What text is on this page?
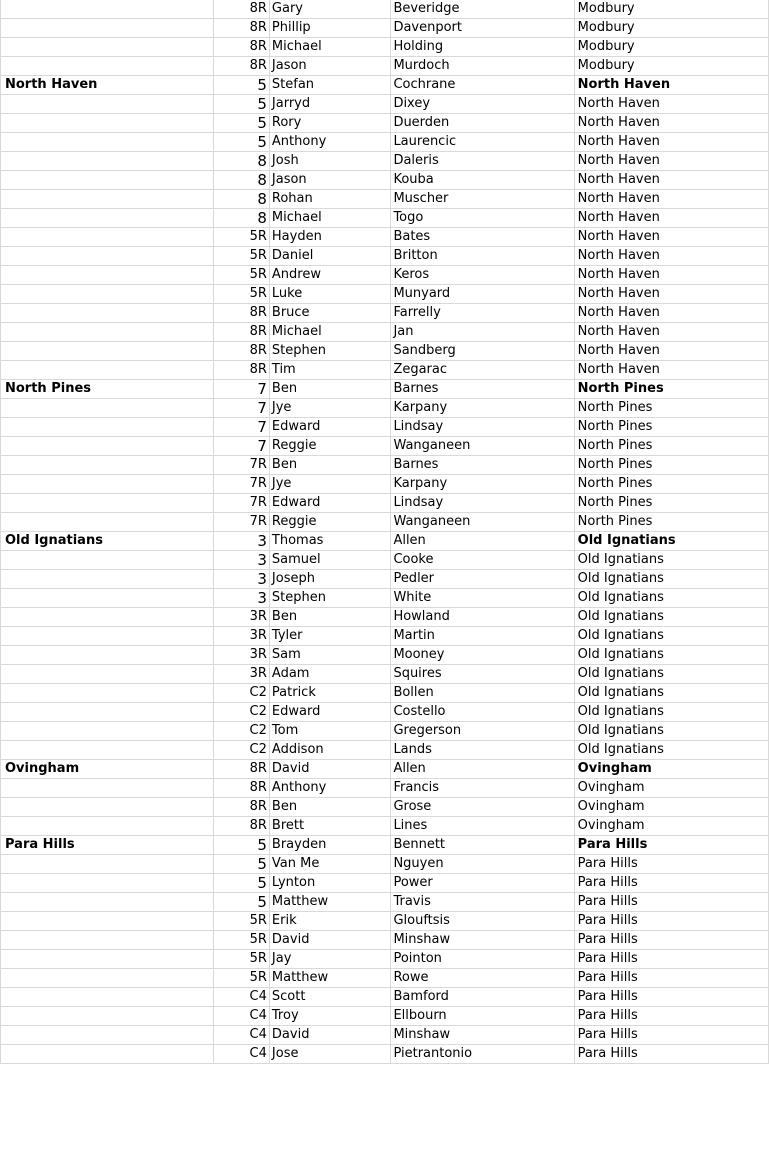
	8R	Gary	Beveridge	Modbury
	8R	Phillip	Davenport	Modbury
	8R	Michael	Holding	Modbury
	8R	Jason	Murdoch	Modbury
North Haven	5	Stefan	Cochrane	North Haven
	5	Jarryd	Dixey	North Haven
	5	Rory	Duerden	North Haven
	5	Anthony	Laurencic	North Haven
	8	Josh	Daleris	North Haven
	8	Jason	Kouba	North Haven
	8	Rohan	Muscher	North Haven
	8	Michael	Togo	North Haven
	5R	Hayden	Bates	North Haven
	5R	Daniel	Britton	North Haven
	5R	Andrew	Keros	North Haven
	5R	Luke	Munyard	North Haven
	8R	Bruce	Farrelly	North Haven
	8R	Michael	Jan	North Haven
	8R	Stephen	Sandberg	North Haven
	8R	Tim	Zegarac	North Haven
North Pines	7	Ben	Barnes	North Pines
	7	Jye	Karpany	North Pines
	7	Edward	Lindsay	North Pines
	7	Reggie	Wanganeen	North Pines
	7R	Ben	Barnes	North Pines
	7R	Jye	Karpany	North Pines
	7R	Edward	Lindsay	North Pines
	7R	Reggie	Wanganeen	North Pines
Old Ignatians	3	Thomas	Allen	Old Ignatians
	3	Samuel	Cooke	Old Ignatians
	3	Joseph	Pedler	Old Ignatians
	3	Stephen	White	Old Ignatians
	3R	Ben	Howland	Old Ignatians
	3R	Tyler	Martin	Old Ignatians
	3R	Sam	Mooney	Old Ignatians
	3R	Adam	Squires	Old Ignatians
	C2	Patrick	Bollen	Old Ignatians
	C2	Edward	Costello	Old Ignatians
	C2	Tom	Gregerson	Old Ignatians
	C2	Addison	Lands	Old Ignatians
Ovingham	8R	David	Allen	Ovingham
	8R	Anthony	Francis	Ovingham
	8R	Ben	Grose	Ovingham
	8R	Brett	Lines	Ovingham
Para Hills	5	Brayden	Bennett	Para Hills
	5	Van Me	Nguyen	Para Hills
	5	Lynton	Power	Para Hills
	5	Matthew	Travis	Para Hills
	5R	Erik	Glouftsis	Para Hills
	5R	David	Minshaw	Para Hills
	5R	Jay	Pointon	Para Hills
	5R	Matthew	Rowe	Para Hills
	C4	Scott	Bamford	Para Hills
	C4	Troy	Ellbourn	Para Hills
	C4	David	Minshaw	Para Hills
	C4	Jose	Pietrantonio	Para Hills
